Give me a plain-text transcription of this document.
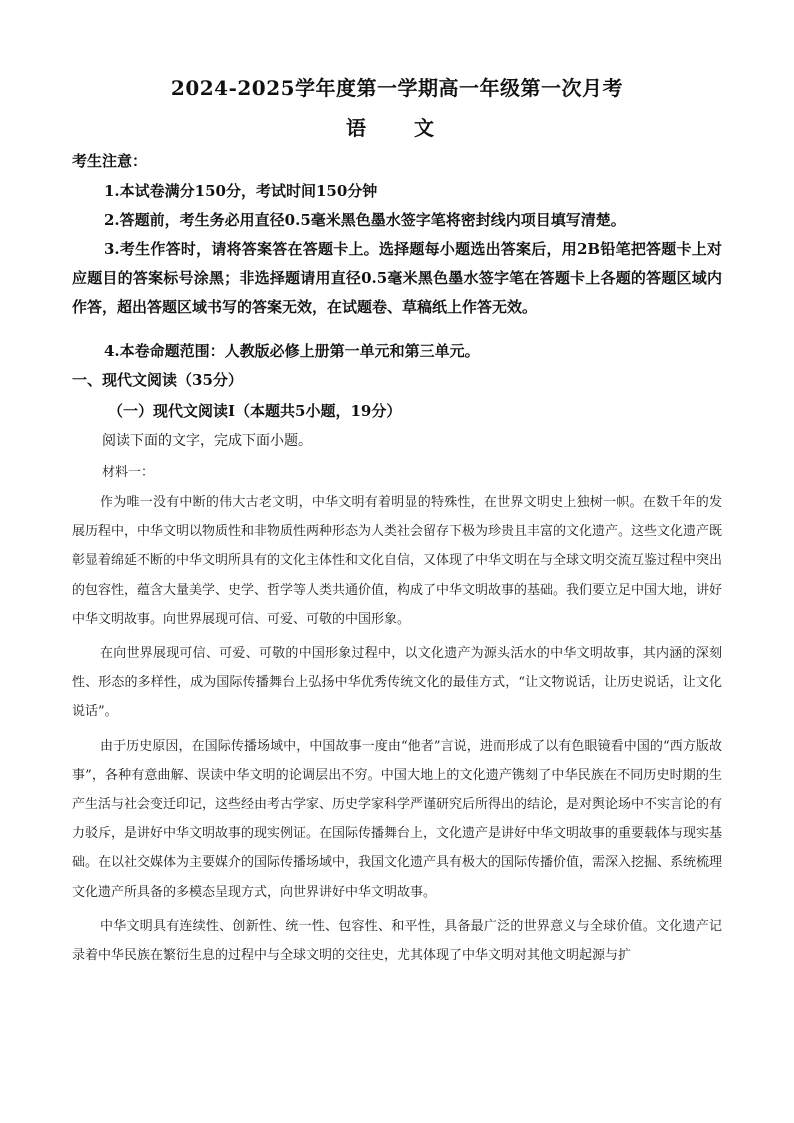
2024-2025学年度第一学期高一年级第一次月考
语　文
考生注意：

1.本试卷满分150分，考试时间150分钟

2.答题前，考生务必用直径0.5毫米黑色墨水签字笔将密封线内项目填写清楚。

3.考生作答时，请将答案答在答题卡上。选择题每小题选出答案后，用2B铅笔把答题卡上对应题目的答案标号涂黑；非选择题请用直径0.5毫米黑色墨水签字笔在答题卡上各题的答题区域内作答，超出答题区域书写的答案无效，在试题卷、草稿纸上作答无效。

4.本卷命题范围：人教版必修上册第一单元和第三单元。

一、现代文阅读（35分）
（一）现代文阅读Ⅰ（本题共5小题，19分）
阅读下面的文字，完成下面小题。
材料一：

作为唯一没有中断的伟大古老文明，中华文明有着明显的特殊性，在世界文明史上独树一帜。在数千年的发展历程中，中华文明以物质性和非物质性两种形态为人类社会留存下极为珍贵且丰富的文化遗产。这些文化遗产既彰显着绵延不断的中华文明所具有的文化主体性和文化自信，又体现了中华文明在与全球文明交流互鉴过程中突出的包容性，蕴含大量美学、史学、哲学等人类共通价值，构成了中华文明故事的基础。我们要立足中国大地，讲好中华文明故事。向世界展现可信、可爱、可敬的中国形象。

在向世界展现可信、可爱、可敬的中国形象过程中，以文化遗产为源头活水的中华文明故事，其内涵的深刻性、形态的多样性，成为国际传播舞台上弘扬中华优秀传统文化的最佳方式，“让文物说话，让历史说话，让文化说话”。

由于历史原因，在国际传播场域中，中国故事一度由“他者”言说，进而形成了以有色眼镜看中国的“西方版故事”，各种有意曲解、误读中华文明的论调层出不穷。中国大地上的文化遗产镌刻了中华民族在不同历史时期的生产生活与社会变迁印记，这些经由考古学家、历史学家科学严谨研究后所得出的结论，是对舆论场中不实言论的有力驳斥，是讲好中华文明故事的现实例证。在国际传播舞台上，文化遗产是讲好中华文明故事的重要载体与现实基础。在以社交媒体为主要媒介的国际传播场域中，我国文化遗产具有极大的国际传播价值，需深入挖掘、系统梳理文化遗产所具备的多模态呈现方式，向世界讲好中华文明故事。

中华文明具有连续性、创新性、统一性、包容性、和平性，具备最广泛的世界意义与全球价值。文化遗产记录着中华民族在繁衍生息的过程中与全球文明的交往史，尤其体现了中华文明对其他文明起源与扩
